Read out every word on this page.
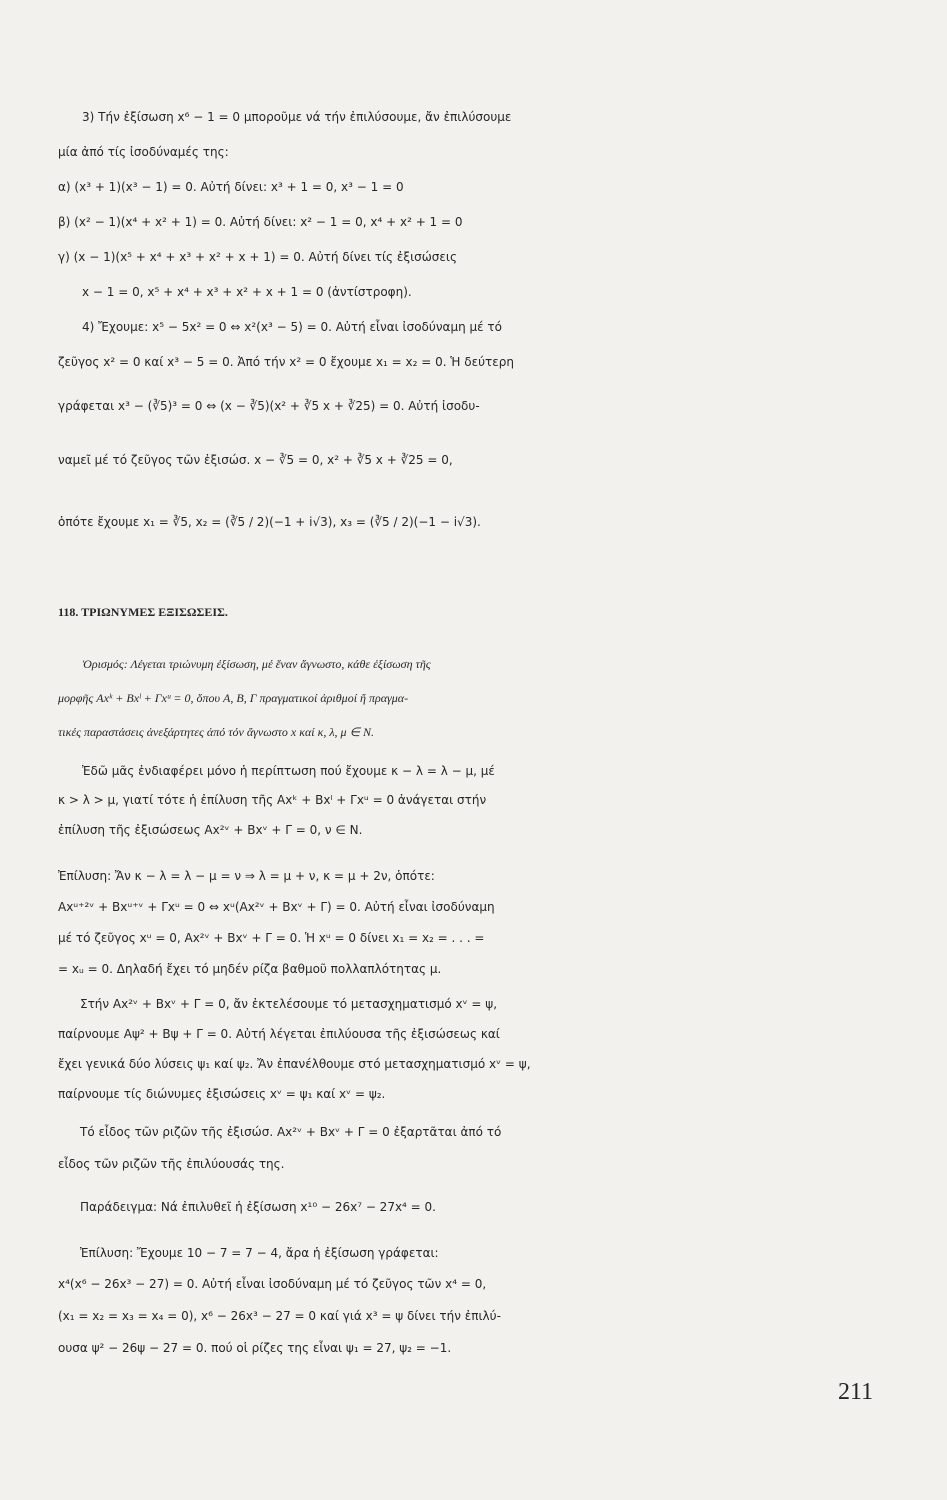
3) Τήν ἐξίσωση x⁶ − 1 = 0 μποροῦμε νά τήν ἐπιλύσουμε, ἄν ἐπιλύσουμε
μία ἀπό τίς ἰσοδύναμές της:
α) (x³ + 1)(x³ − 1) = 0. Αὐτή δίνει: x³ + 1 = 0, x³ − 1 = 0
β) (x² − 1)(x⁴ + x² + 1) = 0. Αὐτή δίνει: x² − 1 = 0, x⁴ + x² + 1 = 0
γ) (x − 1)(x⁵ + x⁴ + x³ + x² + x + 1) = 0. Αὐτή δίνει τίς ἐξισώσεις
x − 1 = 0, x⁵ + x⁴ + x³ + x² + x + 1 = 0 (ἀντίστροφη).
4) Ἔχουμε: x⁵ − 5x² = 0 ⇔ x²(x³ − 5) = 0. Αὐτή εἶναι ἰσοδύναμη μέ τό
ζεῦγος x² = 0 καί x³ − 5 = 0. Ἀπό τήν x² = 0 ἔχουμε x₁ = x₂ = 0. Ἡ δεύτερη
γράφεται x³ − (∛5)³ = 0 ⇔ (x − ∛5)(x² + ∛5 x + ∛25) = 0. Αὐτή ἰσοδυ-
ναμεῖ μέ τό ζεῦγος τῶν ἐξισώσ. x − ∛5 = 0, x² + ∛5 x + ∛25 = 0,
ὁπότε ἔχουμε x₁ = ∛5, x₂ = (∛5 / 2)(−1 + i√3), x₃ = (∛5 / 2)(−1 − i√3).
118. ΤΡΙΩΝΥΜΕΣ ΕΞΙΣΩΣΕΙΣ.
Ὁρισμός: Λέγεται τριώνυμη ἐξίσωση, μέ ἕναν ἄγνωστο, κάθε ἐξίσωση τῆς
μορφῆς Axᵏ + Bxˡ + Γxᵘ = 0, ὅπου A, B, Γ πραγματικοί ἀριθμοί ἤ πραγμα-
τικές παραστάσεις ἀνεξάρτητες ἀπό τόν ἄγνωστο x καί κ, λ, μ ∈ N.
Ἐδῶ μᾶς ἐνδιαφέρει μόνο ἡ περίπτωση πού ἔχουμε κ − λ = λ − μ, μέ
κ > λ > μ, γιατί τότε ἡ ἐπίλυση τῆς Axᵏ + Bxˡ + Γxᵘ = 0 ἀνάγεται στήν
ἐπίλυση τῆς ἐξισώσεως Ax²ᵛ + Bxᵛ + Γ = 0, ν ∈ N.
Ἐπίλυση: Ἄν κ − λ = λ − μ = ν ⇒ λ = μ + ν, κ = μ + 2ν, ὁπότε:
Axᵘ⁺²ᵛ + Bxᵘ⁺ᵛ + Γxᵘ = 0 ⇔ xᵘ(Ax²ᵛ + Bxᵛ + Γ) = 0. Αὐτή εἶναι ἰσοδύναμη
μέ τό ζεῦγος xᵘ = 0, Ax²ᵛ + Bxᵛ + Γ = 0. Ἡ xᵘ = 0 δίνει x₁ = x₂ = . . . =
= xᵤ = 0. Δηλαδή ἔχει τό μηδέν ρίζα βαθμοῦ πολλαπλότητας μ.
Στήν Ax²ᵛ + Bxᵛ + Γ = 0, ἄν ἐκτελέσουμε τό μετασχηματισμό xᵛ = ψ,
παίρνουμε Aψ² + Bψ + Γ = 0. Αὐτή λέγεται ἐπιλύουσα τῆς ἐξισώσεως καί
ἔχει γενικά δύο λύσεις ψ₁ καί ψ₂. Ἄν ἐπανέλθουμε στό μετασχηματισμό xᵛ = ψ,
παίρνουμε τίς διώνυμες ἐξισώσεις xᵛ = ψ₁ καί xᵛ = ψ₂.
Τό εἶδος τῶν ριζῶν τῆς ἐξισώσ. Ax²ᵛ + Bxᵛ + Γ = 0 ἐξαρτᾶται ἀπό τό
εἶδος τῶν ριζῶν τῆς ἐπιλύουσάς της.
Παράδειγμα: Νά ἐπιλυθεῖ ἡ ἐξίσωση x¹⁰ − 26x⁷ − 27x⁴ = 0.
Ἐπίλυση: Ἔχουμε 10 − 7 = 7 − 4, ἄρα ἡ ἐξίσωση γράφεται:
x⁴(x⁶ − 26x³ − 27) = 0. Αὐτή εἶναι ἰσοδύναμη μέ τό ζεῦγος τῶν x⁴ = 0,
(x₁ = x₂ = x₃ = x₄ = 0), x⁶ − 26x³ − 27 = 0 καί γιά x³ = ψ δίνει τήν ἐπιλύ-
ουσα ψ² − 26ψ − 27 = 0. πού οἱ ρίζες της εἶναι ψ₁ = 27, ψ₂ = −1.
211
